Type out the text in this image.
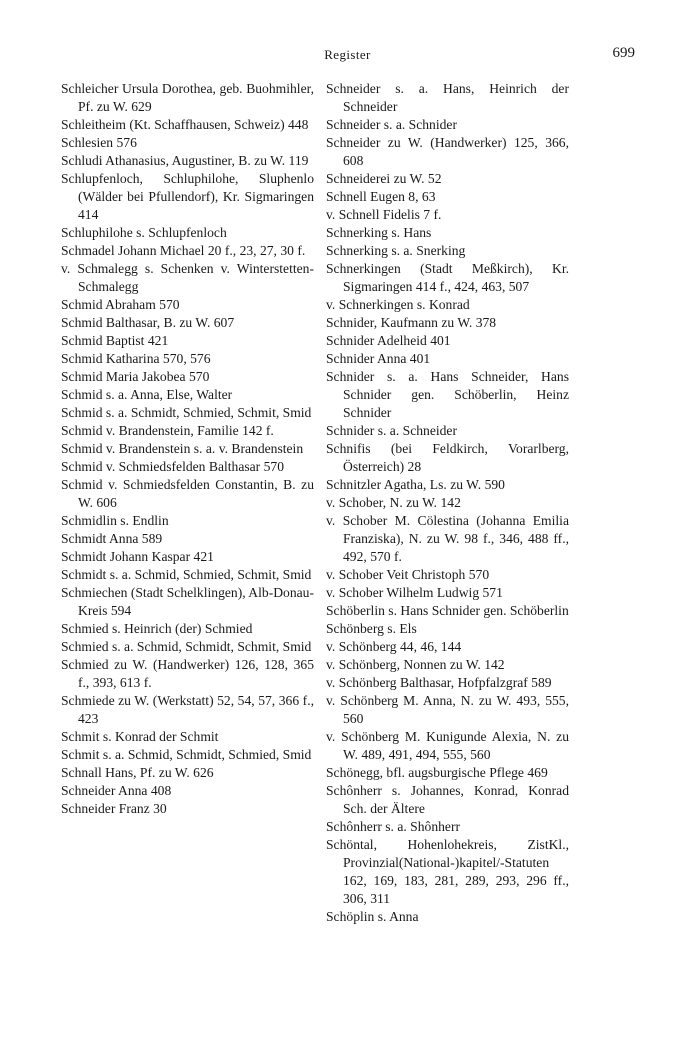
Register	699

Schleicher Ursula Dorothea, geb. Buohmihler, Pf. zu W. 629

Schleitheim (Kt. Schaffhausen, Schweiz) 448

Schlesien 576

Schludi Athanasius, Augustiner, B. zu W. 119

Schlupfenloch, Schluphilohe, Sluphenlo (Wälder bei Pfullendorf), Kr. Sigmaringen 414

Schluphilohe s. Schlupfenloch

Schmadel Johann Michael 20 f., 23, 27, 30 f.

v. Schmalegg s. Schenken v. Winterstetten-Schmalegg

Schmid Abraham 570

Schmid Balthasar, B. zu W. 607

Schmid Baptist 421

Schmid Katharina 570, 576

Schmid Maria Jakobea 570

Schmid s. a. Anna, Else, Walter

Schmid s. a. Schmidt, Schmied, Schmit, Smid

Schmid v. Brandenstein, Familie 142 f.

Schmid v. Brandenstein s. a. v. Brandenstein

Schmid v. Schmiedsfelden Balthasar 570

Schmid v. Schmiedsfelden Constantin, B. zu W. 606

Schmidlin s. Endlin

Schmidt Anna 589

Schmidt Johann Kaspar 421

Schmidt s. a. Schmid, Schmied, Schmit, Smid

Schmiechen (Stadt Schelklingen), Alb-Donau-Kreis 594

Schmied s. Heinrich (der) Schmied

Schmied s. a. Schmid, Schmidt, Schmit, Smid

Schmied zu W. (Handwerker) 126, 128, 365 f., 393, 613 f.

Schmiede zu W. (Werkstatt) 52, 54, 57, 366 f., 423

Schmit s. Konrad der Schmit

Schmit s. a. Schmid, Schmidt, Schmied, Smid

Schnall Hans, Pf. zu W. 626

Schneider Anna 408

Schneider Franz 30

Schneider s. a. Hans, Heinrich der Schneider

Schneider s. a. Schnider

Schneider zu W. (Handwerker) 125, 366, 608

Schneiderei zu W. 52

Schnell Eugen 8, 63

v. Schnell Fidelis 7 f.

Schnerking s. Hans

Schnerking s. a. Snerking

Schnerkingen (Stadt Meßkirch), Kr. Sigmaringen 414 f., 424, 463, 507

v. Schnerkingen s. Konrad

Schnider, Kaufmann zu W. 378

Schnider Adelheid 401

Schnider Anna 401

Schnider s. a. Hans Schneider, Hans Schnider gen. Schöberlin, Heinz Schnider

Schnider s. a. Schneider

Schnifis (bei Feldkirch, Vorarlberg, Österreich) 28

Schnitzler Agatha, Ls. zu W. 590

v. Schober, N. zu W. 142

v. Schober M. Cölestina (Johanna Emilia Franziska), N. zu W. 98 f., 346, 488 ff., 492, 570 f.

v. Schober Veit Christoph 570

v. Schober Wilhelm Ludwig 571

Schöberlin s. Hans Schnider gen. Schöberlin

Schönberg s. Els

v. Schönberg 44, 46, 144

v. Schönberg, Nonnen zu W. 142

v. Schönberg Balthasar, Hofpfalzgraf 589

v. Schönberg M. Anna, N. zu W. 493, 555, 560

v. Schönberg M. Kunigunde Alexia, N. zu W. 489, 491, 494, 555, 560

Schönegg, bfl. augsburgische Pflege 469

Schônherr s. Johannes, Konrad, Konrad Sch. der Ältere

Schônherr s. a. Shônherr

Schöntal, Hohenlohekreis, ZistKl., Provinzial(National-)kapitel/-Statuten 162, 169, 183, 281, 289, 293, 296 ff., 306, 311

Schöplin s. Anna
